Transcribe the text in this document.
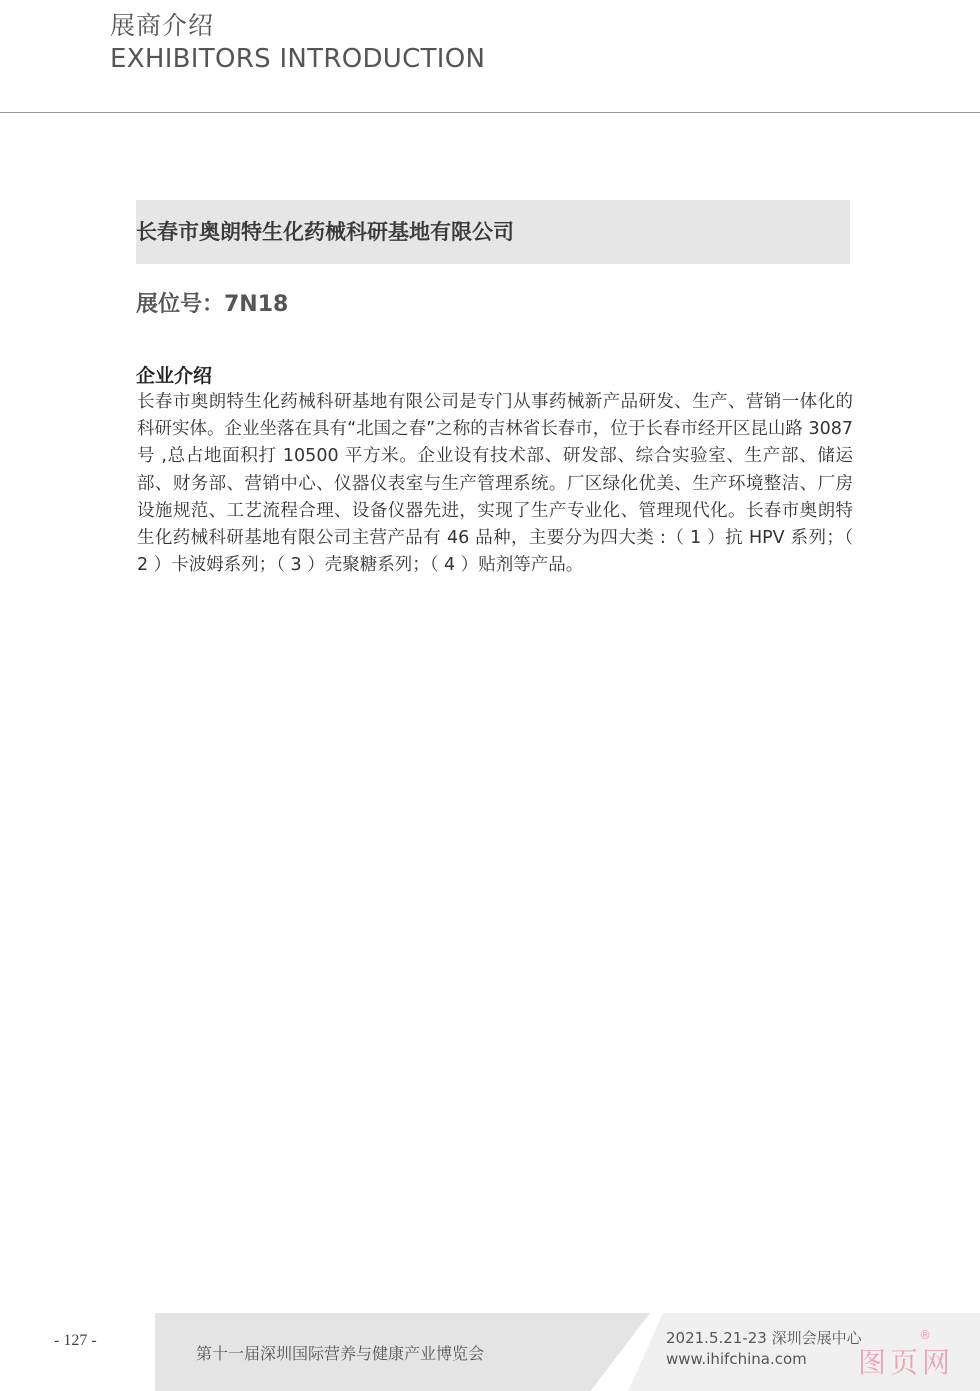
展商介绍
EXHIBITORS INTRODUCTION
长春市奥朗特生化药械科研基地有限公司
展位号：7N18
企业介绍
长春市奥朗特生化药械科研基地有限公司是专门从事药械新产品研发、生产、营销一体化的科研实体。企业坐落在具有“北国之春”之称的吉林省长春市，位于长春市经开区昆山路 3087 号 ,总占地面积打 10500 平方米。企业设有技术部、研发部、综合实验室、生产部、储运部、财务部、营销中心、仪器仪表室与生产管理系统。厂区绿化优美、生产环境整洁、厂房设施规范、工艺流程合理、设备仪器先进，实现了生产专业化、管理现代化。长春市奥朗特生化药械科研基地有限公司主营产品有 46 品种，主要分为四大类 :（ 1 ）抗 HPV 系列；（ 2 ）卡波姆系列；（ 3 ）壳聚糖系列；（ 4 ）贴剂等产品。
- 127 -
第十一届深圳国际营养与健康产业博览会
2021.5.21-23 深圳会展中心
www.ihifchina.com 图页网
®
